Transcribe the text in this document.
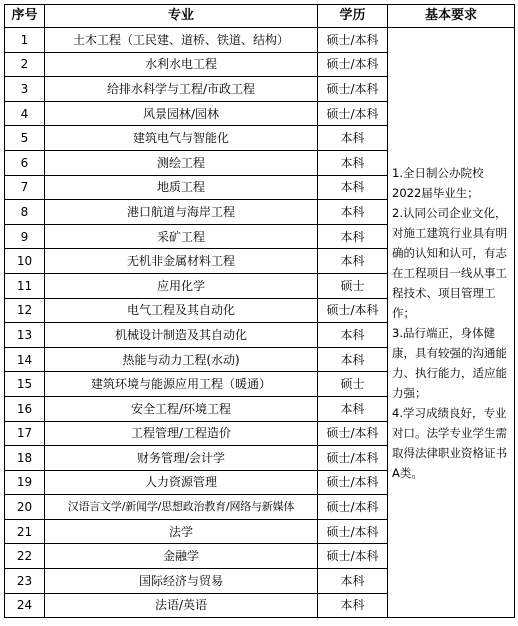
序号	专业	学历	基本要求
1	土木工程（工民建、道桥、铁道、结构）	硕士/本科	1.全日制公办院校2022届毕业生；
2.认同公司企业文化，对施工建筑行业具有明确的认知和认可，有志在工程项目一线从事工程技术、项目管理工作；
3.品行端正，身体健康，具有较强的沟通能力、执行能力，适应能力强；
4.学习成绩良好，专业对口。法学专业学生需取得法律职业资格证书A类。

2	水利水电工程	硕士/本科	
3	给排水科学与工程/市政工程	硕士/本科	
4	风景园林/园林	硕士/本科	
5	建筑电气与智能化	本科	
6	测绘工程	本科	
7	地质工程	本科	
8	港口航道与海岸工程	本科	
9	采矿工程	本科	
10	无机非金属材料工程	本科	
11	应用化学	硕士	
12	电气工程及其自动化	硕士/本科	
13	机械设计制造及其自动化	本科	
14	热能与动力工程(水动)	本科	
15	建筑环境与能源应用工程（暖通）	硕士	
16	安全工程/环境工程	本科	
17	工程管理/工程造价	硕士/本科	
18	财务管理/会计学	硕士/本科	
19	人力资源管理	硕士/本科	
20	汉语言文学/新闻学/思想政治教育/网络与新媒体	硕士/本科	
21	法学	硕士/本科	
22	金融学	硕士/本科	
23	国际经济与贸易	本科	
24	法语/英语	本科	
